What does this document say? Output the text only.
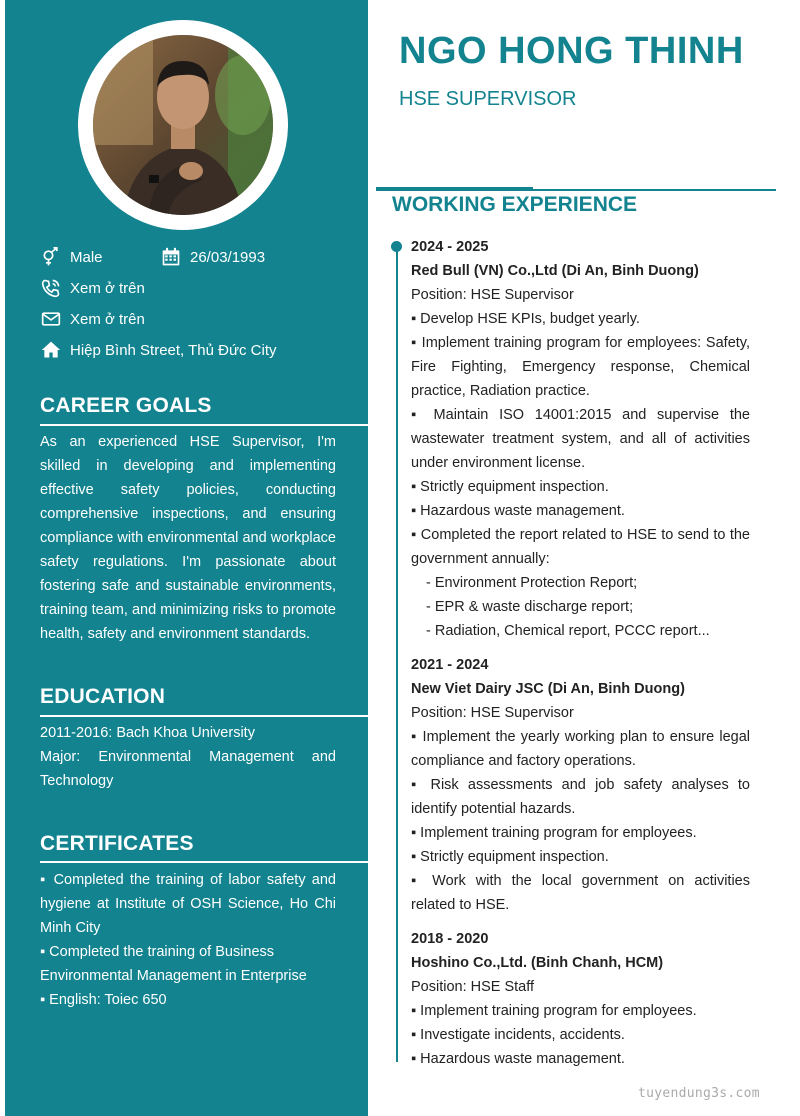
Male	26/03/1993
Xem ở trên
Xem ở trên
Hiệp Bình Street, Thủ Đức City
CAREER GOALS

As an experienced HSE Supervisor, I'm skilled in developing and implementing effective safety policies, conducting comprehensive inspections, and ensuring compliance with environmental and workplace safety regulations. I'm passionate about fostering safe and sustainable environments, training team, and minimizing risks to promote health, safety and environment standards.

EDUCATION

2011-2016: Bach Khoa University

Major: Environmental Management and Technology

CERTIFICATES

▪ Completed the training of labor safety and hygiene at Institute of OSH Science, Ho Chi Minh City

▪ Completed the training of Business Environmental Management in Enterprise

▪ English: Toiec 650

NGO HONG THINH
HSE SUPERVISOR
WORKING EXPERIENCE
2024 - 2025
Red Bull (VN) Co.,Ltd (Di An, Binh Duong)
Position: HSE Supervisor
▪ Develop HSE KPIs, budget yearly.
▪ Implement training program for employees: Safety, Fire Fighting, Emergency response, Chemical practice, Radiation practice.
▪ Maintain ISO 14001:2015 and supervise the wastewater treatment system, and all of activities under environment license.
▪ Strictly equipment inspection.
▪ Hazardous waste management.
▪ Completed the report related to HSE to send to the government annually:
- Environment Protection Report;
- EPR & waste discharge report;
- Radiation, Chemical report, PCCC report...
2021 - 2024
New Viet Dairy JSC (Di An, Binh Duong)
Position: HSE Supervisor
▪ Implement the yearly working plan to ensure legal compliance and factory operations.
▪ Risk assessments and job safety analyses to identify potential hazards.
▪ Implement training program for employees.
▪ Strictly equipment inspection.
▪ Work with the local government on activities related to HSE.
2018 - 2020
Hoshino Co.,Ltd. (Binh Chanh, HCM)
Position: HSE Staff
▪ Implement training program for employees.
▪ Investigate incidents, accidents.
▪ Hazardous waste management.
tuyendung3s.com
